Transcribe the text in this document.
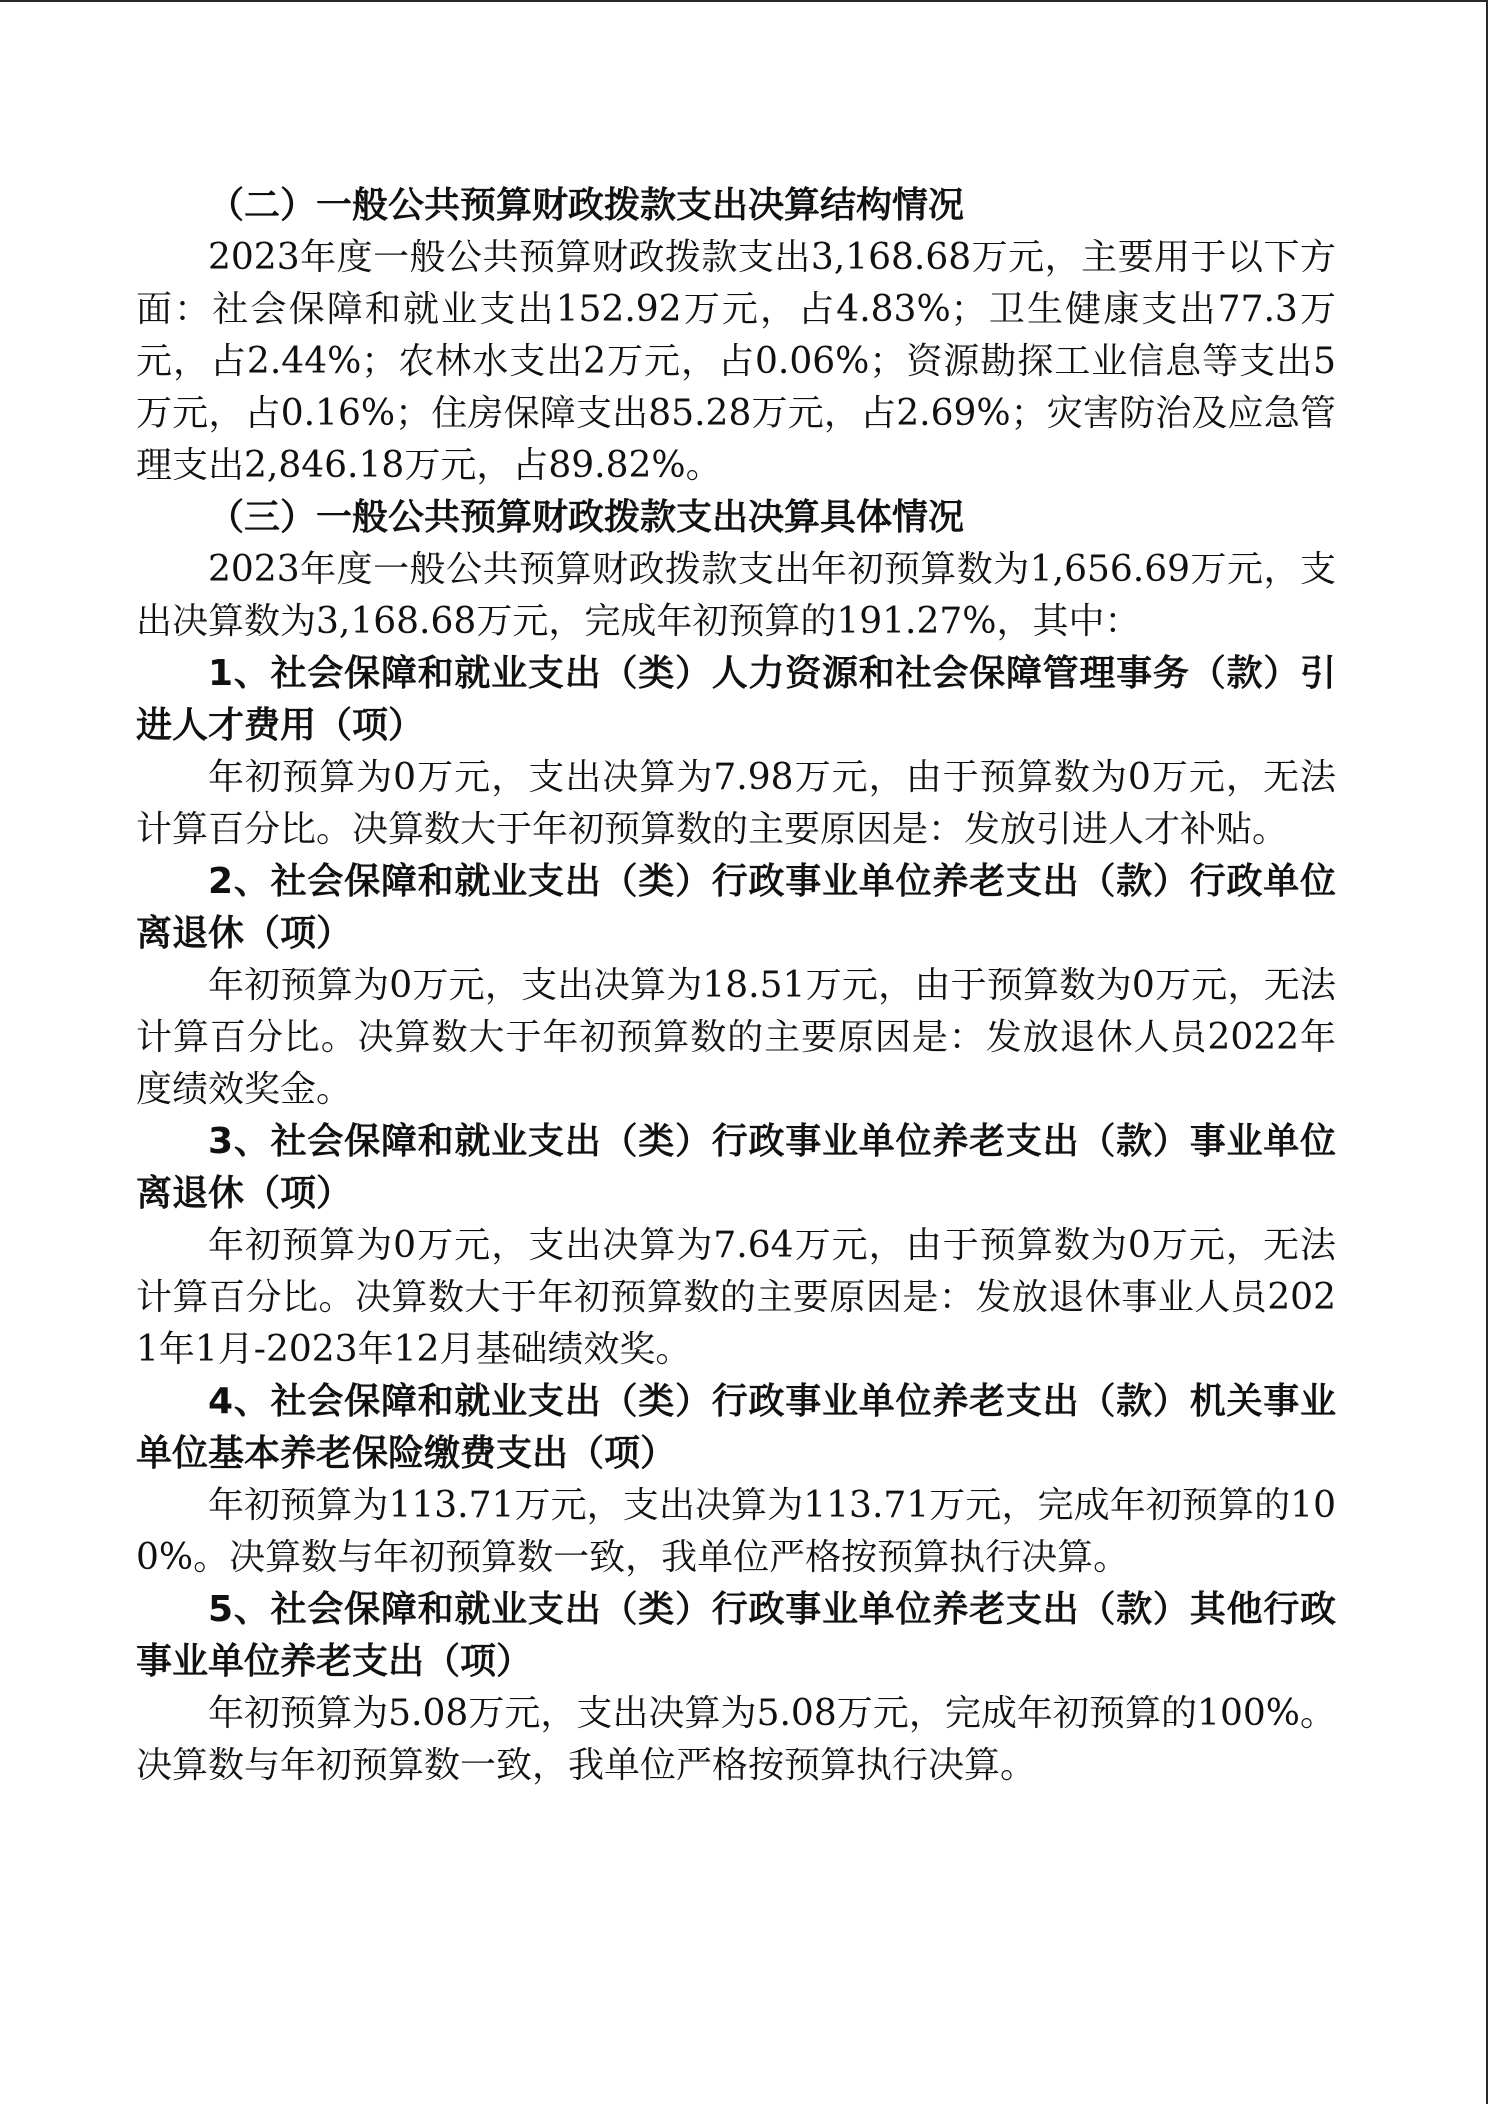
（二）一般公共预算财政拨款支出决算结构情况

2023年度一般公共预算财政拨款支出3,168.68万元，主要用于以下方面：社会保障和就业支出152.92万元，占4.83%；卫生健康支出77.3万元，占2.44%；农林水支出2万元，占0.06%；资源勘探工业信息等支出5万元，占0.16%；住房保障支出85.28万元，占2.69%；灾害防治及应急管理支出2,846.18万元，占89.82%。

（三）一般公共预算财政拨款支出决算具体情况

2023年度一般公共预算财政拨款支出年初预算数为1,656.69万元，支出决算数为3,168.68万元，完成年初预算的191.27%，其中：

1、社会保障和就业支出（类）人力资源和社会保障管理事务（款）引进人才费用（项）

年初预算为0万元，支出决算为7.98万元，由于预算数为0万元，无法计算百分比。决算数大于年初预算数的主要原因是：发放引进人才补贴。

2、社会保障和就业支出（类）行政事业单位养老支出（款）行政单位离退休（项）

年初预算为0万元，支出决算为18.51万元，由于预算数为0万元，无法计算百分比。决算数大于年初预算数的主要原因是：发放退休人员2022年度绩效奖金。

3、社会保障和就业支出（类）行政事业单位养老支出（款）事业单位离退休（项）

年初预算为0万元，支出决算为7.64万元，由于预算数为0万元，无法计算百分比。决算数大于年初预算数的主要原因是：发放退休事业人员2021年1月-2023年12月基础绩效奖。

4、社会保障和就业支出（类）行政事业单位养老支出（款）机关事业单位基本养老保险缴费支出（项）

年初预算为113.71万元，支出决算为113.71万元，完成年初预算的100%。决算数与年初预算数一致，我单位严格按预算执行决算。

5、社会保障和就业支出（类）行政事业单位养老支出（款）其他行政事业单位养老支出（项）

年初预算为5.08万元，支出决算为5.08万元，完成年初预算的100%。决算数与年初预算数一致，我单位严格按预算执行决算。
